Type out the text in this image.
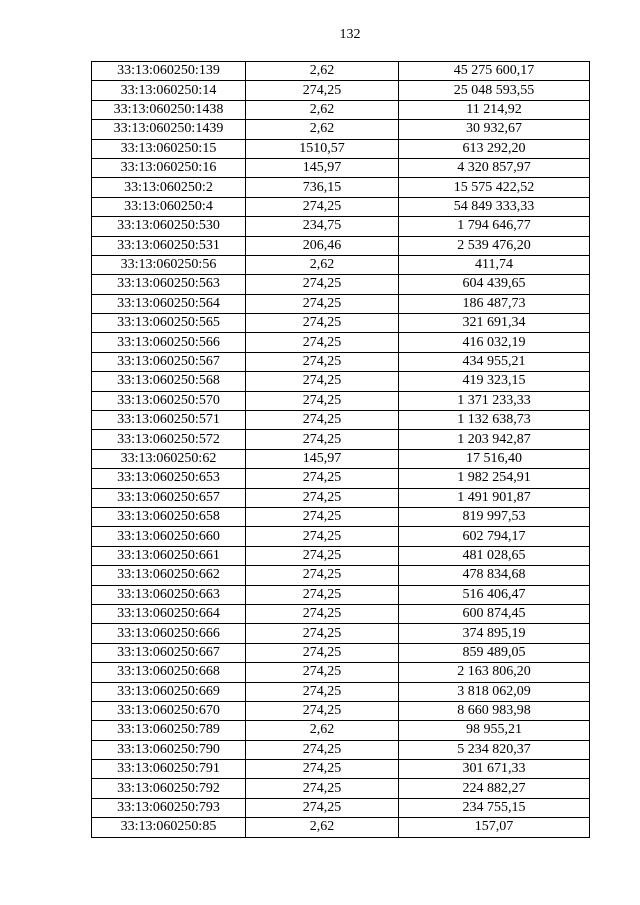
132
33:13:060250:139	2,62	45 275 600,17
33:13:060250:14	274,25	25 048 593,55
33:13:060250:1438	2,62	11 214,92
33:13:060250:1439	2,62	30 932,67
33:13:060250:15	1510,57	613 292,20
33:13:060250:16	145,97	4 320 857,97
33:13:060250:2	736,15	15 575 422,52
33:13:060250:4	274,25	54 849 333,33
33:13:060250:530	234,75	1 794 646,77
33:13:060250:531	206,46	2 539 476,20
33:13:060250:56	2,62	411,74
33:13:060250:563	274,25	604 439,65
33:13:060250:564	274,25	186 487,73
33:13:060250:565	274,25	321 691,34
33:13:060250:566	274,25	416 032,19
33:13:060250:567	274,25	434 955,21
33:13:060250:568	274,25	419 323,15
33:13:060250:570	274,25	1 371 233,33
33:13:060250:571	274,25	1 132 638,73
33:13:060250:572	274,25	1 203 942,87
33:13:060250:62	145,97	17 516,40
33:13:060250:653	274,25	1 982 254,91
33:13:060250:657	274,25	1 491 901,87
33:13:060250:658	274,25	819 997,53
33:13:060250:660	274,25	602 794,17
33:13:060250:661	274,25	481 028,65
33:13:060250:662	274,25	478 834,68
33:13:060250:663	274,25	516 406,47
33:13:060250:664	274,25	600 874,45
33:13:060250:666	274,25	374 895,19
33:13:060250:667	274,25	859 489,05
33:13:060250:668	274,25	2 163 806,20
33:13:060250:669	274,25	3 818 062,09
33:13:060250:670	274,25	8 660 983,98
33:13:060250:789	2,62	98 955,21
33:13:060250:790	274,25	5 234 820,37
33:13:060250:791	274,25	301 671,33
33:13:060250:792	274,25	224 882,27
33:13:060250:793	274,25	234 755,15
33:13:060250:85	2,62	157,07
